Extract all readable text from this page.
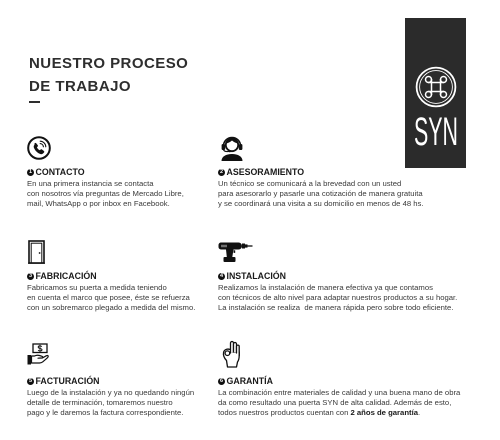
NUESTRO PROCESO
DE TRABAJO
SYN
1 CONTACTO
En una primera instancia se contacta
con nosotros vía preguntas de Mercado Libre,
mail, WhatsApp o por inbox en Facebook.
2 ASESORAMIENTO
Un técnico se comunicará a la brevedad con un usted
para asesorarlo y pasarle una cotización de manera gratuita
y se coordinará una visita a su domicilio en menos de 48 hs.
3 FABRICACIÓN
Fabricamos su puerta a medida teniendo
en cuenta el marco que posee, éste se refuerza
con un sobremarco plegado a medida del mismo.
4 INSTALACIÓN
Realizamos la instalación de manera efectiva ya que contamos
con técnicos de alto nivel para adaptar nuestros productos a su hogar.
La instalación se realiza  de manera rápida pero sobre todo eficiente.
5 FACTURACIÓN
Luego de la instalación y ya no quedando ningún
detalle de terminación, tomaremos nuestro
pago y le daremos la factura correspondiente.
6 GARANTÍA
La combinación entre materiales de calidad y una buena mano de obra
da como resultado una puerta SYN de alta calidad. Además de esto,
todos nuestros productos cuentan con 2 años de garantía.
